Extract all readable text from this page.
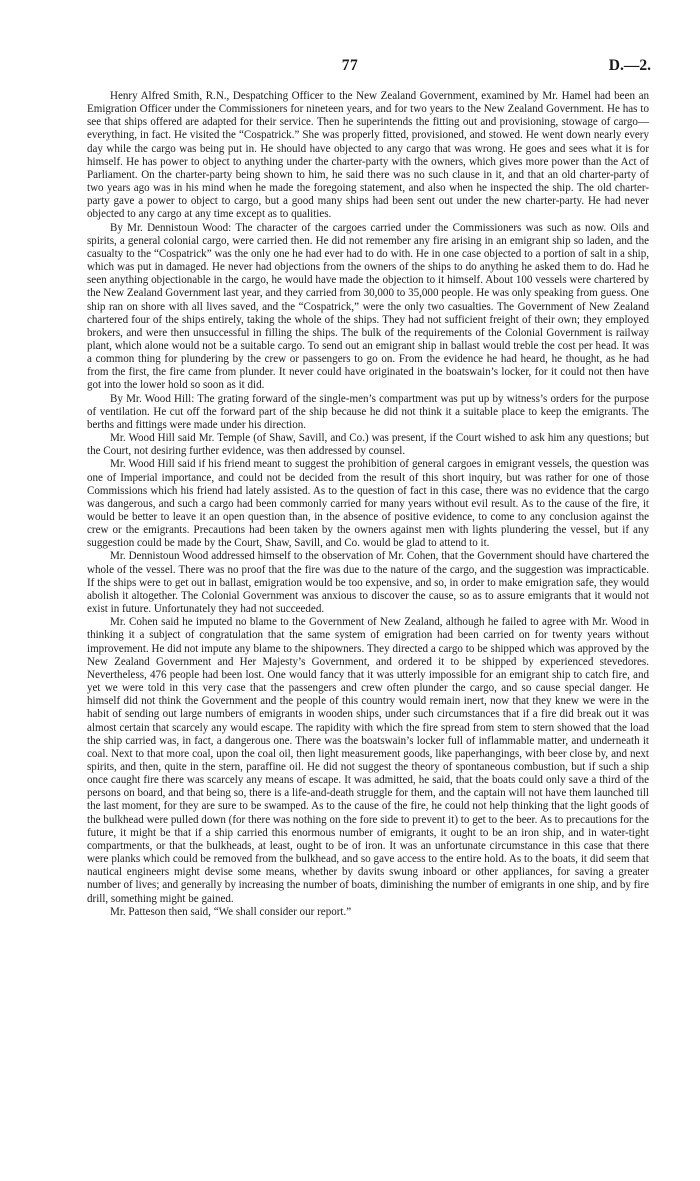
77	D.—2.

Henry Alfred Smith, R.N., Despatching Officer to the New Zealand Government, examined by Mr. Hamel had been an Emigration Officer under the Commissioners for nineteen years, and for two years to the New Zealand Government. He has to see that ships offered are adapted for their service. Then he superintends the fitting out and provisioning, stowage of cargo—everything, in fact. He visited the “Cospatrick.” She was properly fitted, provisioned, and stowed. He went down nearly every day while the cargo was being put in. He should have objected to any cargo that was wrong. He goes and sees what it is for himself. He has power to object to anything under the charter-party with the owners, which gives more power than the Act of Parliament. On the charter-party being shown to him, he said there was no such clause in it, and that an old charter-party of two years ago was in his mind when he made the foregoing statement, and also when he inspected the ship. The old charter-party gave a power to object to cargo, but a good many ships had been sent out under the new charter-party. He had never objected to any cargo at any time except as to qualities.

By Mr. Dennistoun Wood: The character of the cargoes carried under the Commissioners was such as now. Oils and spirits, a general colonial cargo, were carried then. He did not remember any fire arising in an emigrant ship so laden, and the casualty to the “Cospatrick” was the only one he had ever had to do with. He in one case objected to a portion of salt in a ship, which was put in damaged. He never had objections from the owners of the ships to do anything he asked them to do. Had he seen anything objectionable in the cargo, he would have made the objection to it himself. About 100 vessels were chartered by the New Zealand Government last year, and they carried from 30,000 to 35,000 people. He was only speaking from guess. One ship ran on shore with all lives saved, and the “Cospatrick,” were the only two casualties. The Government of New Zealand chartered four of the ships entirely, taking the whole of the ships. They had not sufficient freight of their own; they employed brokers, and were then unsuccessful in filling the ships. The bulk of the requirements of the Colonial Government is railway plant, which alone would not be a suitable cargo. To send out an emigrant ship in ballast would treble the cost per head. It was a common thing for plundering by the crew or passengers to go on. From the evidence he had heard, he thought, as he had from the first, the fire came from plunder. It never could have originated in the boatswain’s locker, for it could not then have got into the lower hold so soon as it did.

By Mr. Wood Hill: The grating forward of the single-men’s compartment was put up by witness’s orders for the purpose of ventilation. He cut off the forward part of the ship because he did not think it a suitable place to keep the emigrants. The berths and fittings were made under his direction.

Mr. Wood Hill said Mr. Temple (of Shaw, Savill, and Co.) was present, if the Court wished to ask him any questions; but the Court, not desiring further evidence, was then addressed by counsel.

Mr. Wood Hill said if his friend meant to suggest the prohibition of general cargoes in emigrant vessels, the question was one of Imperial importance, and could not be decided from the result of this short inquiry, but was rather for one of those Commissions which his friend had lately assisted. As to the question of fact in this case, there was no evidence that the cargo was dangerous, and such a cargo had been commonly carried for many years without evil result. As to the cause of the fire, it would be better to leave it an open question than, in the absence of positive evidence, to come to any conclusion against the crew or the emigrants. Precautions had been taken by the owners against men with lights plundering the vessel, but if any suggestion could be made by the Court, Shaw, Savill, and Co. would be glad to attend to it.

Mr. Dennistoun Wood addressed himself to the observation of Mr. Cohen, that the Government should have chartered the whole of the vessel. There was no proof that the fire was due to the nature of the cargo, and the suggestion was impracticable. If the ships were to get out in ballast, emigration would be too expensive, and so, in order to make emigration safe, they would abolish it altogether. The Colonial Government was anxious to discover the cause, so as to assure emigrants that it would not exist in future. Unfortunately they had not succeeded.

Mr. Cohen said he imputed no blame to the Government of New Zealand, although he failed to agree with Mr. Wood in thinking it a subject of congratulation that the same system of emigration had been carried on for twenty years without improvement. He did not impute any blame to the shipowners. They directed a cargo to be shipped which was approved by the New Zealand Government and Her Majesty’s Government, and ordered it to be shipped by experienced stevedores. Nevertheless, 476 people had been lost. One would fancy that it was utterly impossible for an emigrant ship to catch fire, and yet we were told in this very case that the passengers and crew often plunder the cargo, and so cause special danger. He himself did not think the Government and the people of this country would remain inert, now that they knew we were in the habit of sending out large numbers of emigrants in wooden ships, under such circumstances that if a fire did break out it was almost certain that scarcely any would escape. The rapidity with which the fire spread from stem to stern showed that the load the ship carried was, in fact, a dangerous one. There was the boatswain’s locker full of inflammable matter, and underneath it coal. Next to that more coal, upon the coal oil, then light measurement goods, like paperhangings, with beer close by, and next spirits, and then, quite in the stern, paraffine oil. He did not suggest the theory of spontaneous combustion, but if such a ship once caught fire there was scarcely any means of escape. It was admitted, he said, that the boats could only save a third of the persons on board, and that being so, there is a life-and-death struggle for them, and the captain will not have them launched till the last moment, for they are sure to be swamped. As to the cause of the fire, he could not help thinking that the light goods of the bulkhead were pulled down (for there was nothing on the fore side to prevent it) to get to the beer. As to precautions for the future, it might be that if a ship carried this enormous number of emigrants, it ought to be an iron ship, and in water-tight compartments, or that the bulkheads, at least, ought to be of iron. It was an unfortunate circumstance in this case that there were planks which could be removed from the bulkhead, and so gave access to the entire hold. As to the boats, it did seem that nautical engineers might devise some means, whether by davits swung inboard or other appliances, for saving a greater number of lives; and generally by increasing the number of boats, diminishing the number of emigrants in one ship, and by fire drill, something might be gained.

Mr. Patteson then said, “We shall consider our report.”
